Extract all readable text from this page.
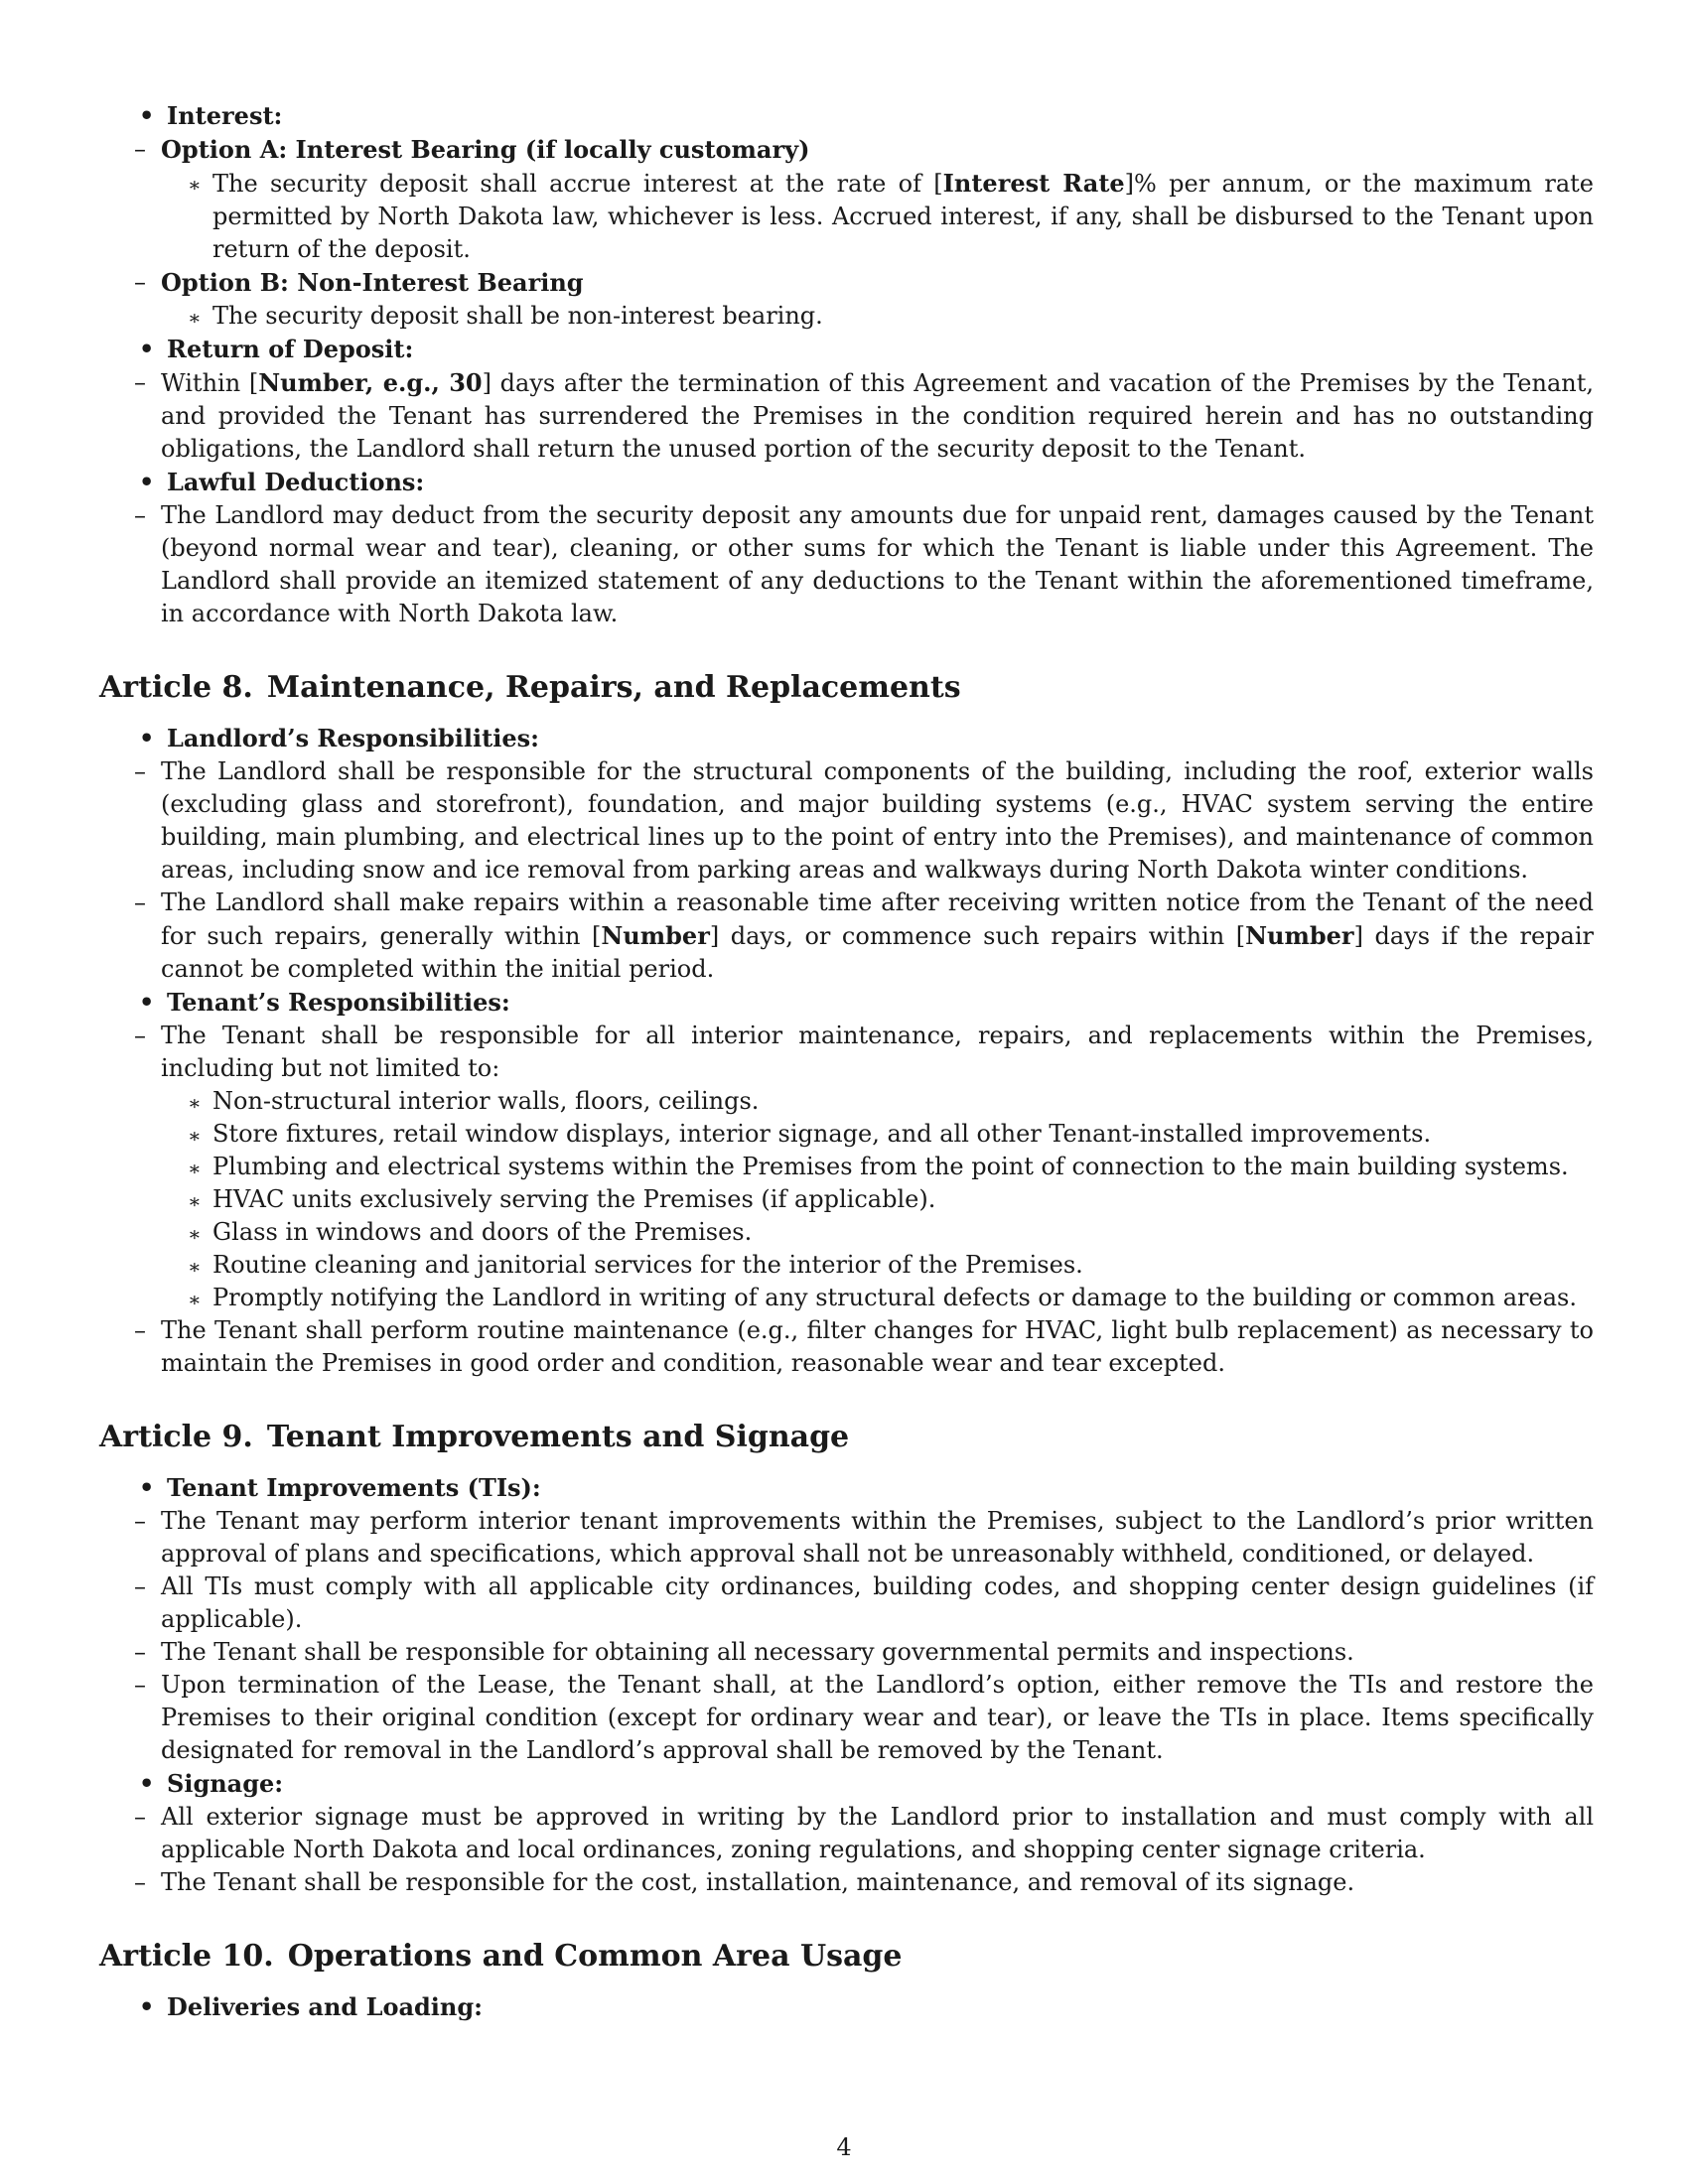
• Interest:
– Option A: Interest Bearing (if locally customary)
∗ The security deposit shall accrue interest at the rate of [Interest Rate]% per annum, or the maximum rate permitted by North Dakota law, whichever is less. Accrued interest, if any, shall be disbursed to the Tenant upon return of the deposit.
– Option B: Non-Interest Bearing
∗ The security deposit shall be non-interest bearing.
• Return of Deposit:
– Within [Number, e.g., 30] days after the termination of this Agreement and vacation of the Premises by the Tenant, and provided the Tenant has surrendered the Premises in the condition required herein and has no outstanding obligations, the Landlord shall return the unused portion of the security deposit to the Tenant.
• Lawful Deductions:
– The Landlord may deduct from the security deposit any amounts due for unpaid rent, damages caused by the Tenant (beyond normal wear and tear), cleaning, or other sums for which the Tenant is liable under this Agreement. The Landlord shall provide an itemized statement of any deductions to the Tenant within the aforementioned timeframe, in accordance with North Dakota law.
Article 8. Maintenance, Repairs, and Replacements
• Landlord’s Responsibilities:
– The Landlord shall be responsible for the structural components of the building, including the roof, exterior walls (excluding glass and storefront), foundation, and major building systems (e.g., HVAC system serving the entire building, main plumbing, and electrical lines up to the point of entry into the Premises), and maintenance of common areas, including snow and ice removal from parking areas and walkways during North Dakota winter conditions.
– The Landlord shall make repairs within a reasonable time after receiving written notice from the Tenant of the need for such repairs, generally within [Number] days, or commence such repairs within [Number] days if the repair cannot be completed within the initial period.
• Tenant’s Responsibilities:
– The Tenant shall be responsible for all interior maintenance, repairs, and replacements within the Premises, including but not limited to:
∗ Non-structural interior walls, floors, ceilings.
∗ Store fixtures, retail window displays, interior signage, and all other Tenant-installed improvements.
∗ Plumbing and electrical systems within the Premises from the point of connection to the main building systems.
∗ HVAC units exclusively serving the Premises (if applicable).
∗ Glass in windows and doors of the Premises.
∗ Routine cleaning and janitorial services for the interior of the Premises.
∗ Promptly notifying the Landlord in writing of any structural defects or damage to the building or common areas.
– The Tenant shall perform routine maintenance (e.g., filter changes for HVAC, light bulb replacement) as necessary to maintain the Premises in good order and condition, reasonable wear and tear excepted.
Article 9. Tenant Improvements and Signage
• Tenant Improvements (TIs):
– The Tenant may perform interior tenant improvements within the Premises, subject to the Landlord’s prior written approval of plans and specifications, which approval shall not be unreasonably withheld, conditioned, or delayed.
– All TIs must comply with all applicable city ordinances, building codes, and shopping center design guidelines (if applicable).
– The Tenant shall be responsible for obtaining all necessary governmental permits and inspections.
– Upon termination of the Lease, the Tenant shall, at the Landlord’s option, either remove the TIs and restore the Premises to their original condition (except for ordinary wear and tear), or leave the TIs in place. Items specifically designated for removal in the Landlord’s approval shall be removed by the Tenant.
• Signage:
– All exterior signage must be approved in writing by the Landlord prior to installation and must comply with all applicable North Dakota and local ordinances, zoning regulations, and shopping center signage criteria.
– The Tenant shall be responsible for the cost, installation, maintenance, and removal of its signage.
Article 10. Operations and Common Area Usage
• Deliveries and Loading:
4
